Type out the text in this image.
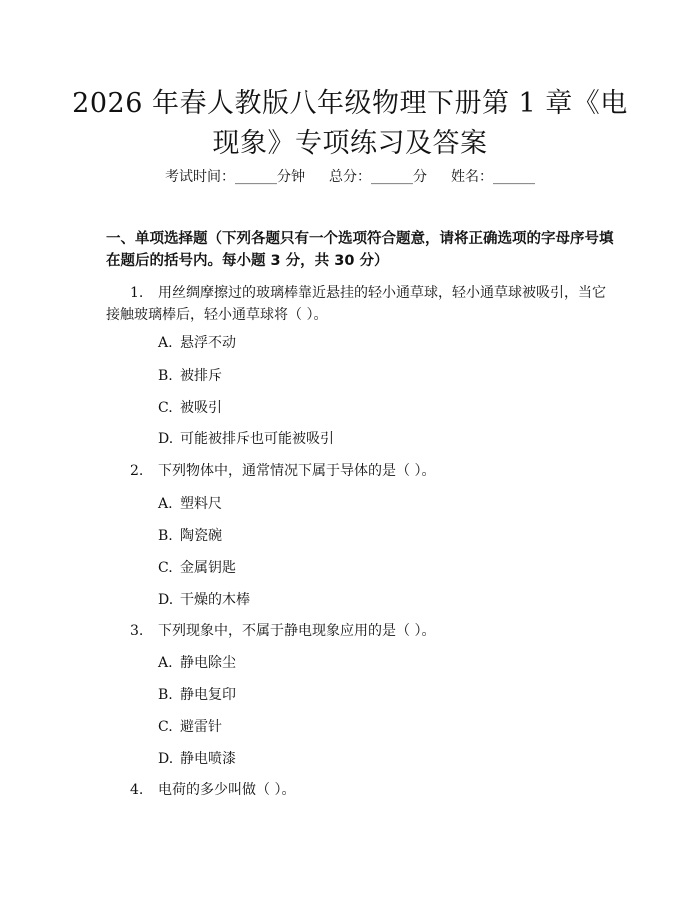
2026 年春人教版八年级物理下册第 1 章《电
现象》专项练习及答案
考试时间：______分钟 总分：______分 姓名：______
一、单项选择题（下列各题只有一个选项符合题意，请将正确选项的字母序号填
在题后的括号内。每小题 3 分，共 30 分）
1. 用丝绸摩擦过的玻璃棒靠近悬挂的轻小通草球，轻小通草球被吸引，当它
接触玻璃棒后，轻小通草球将（ ）。
A. 悬浮不动
B. 被排斥
C. 被吸引
D. 可能被排斥也可能被吸引
2. 下列物体中，通常情况下属于导体的是（ ）。
A. 塑料尺
B. 陶瓷碗
C. 金属钥匙
D. 干燥的木棒
3. 下列现象中，不属于静电现象应用的是（ ）。
A. 静电除尘
B. 静电复印
C. 避雷针
D. 静电喷漆
4. 电荷的多少叫做（ ）。
